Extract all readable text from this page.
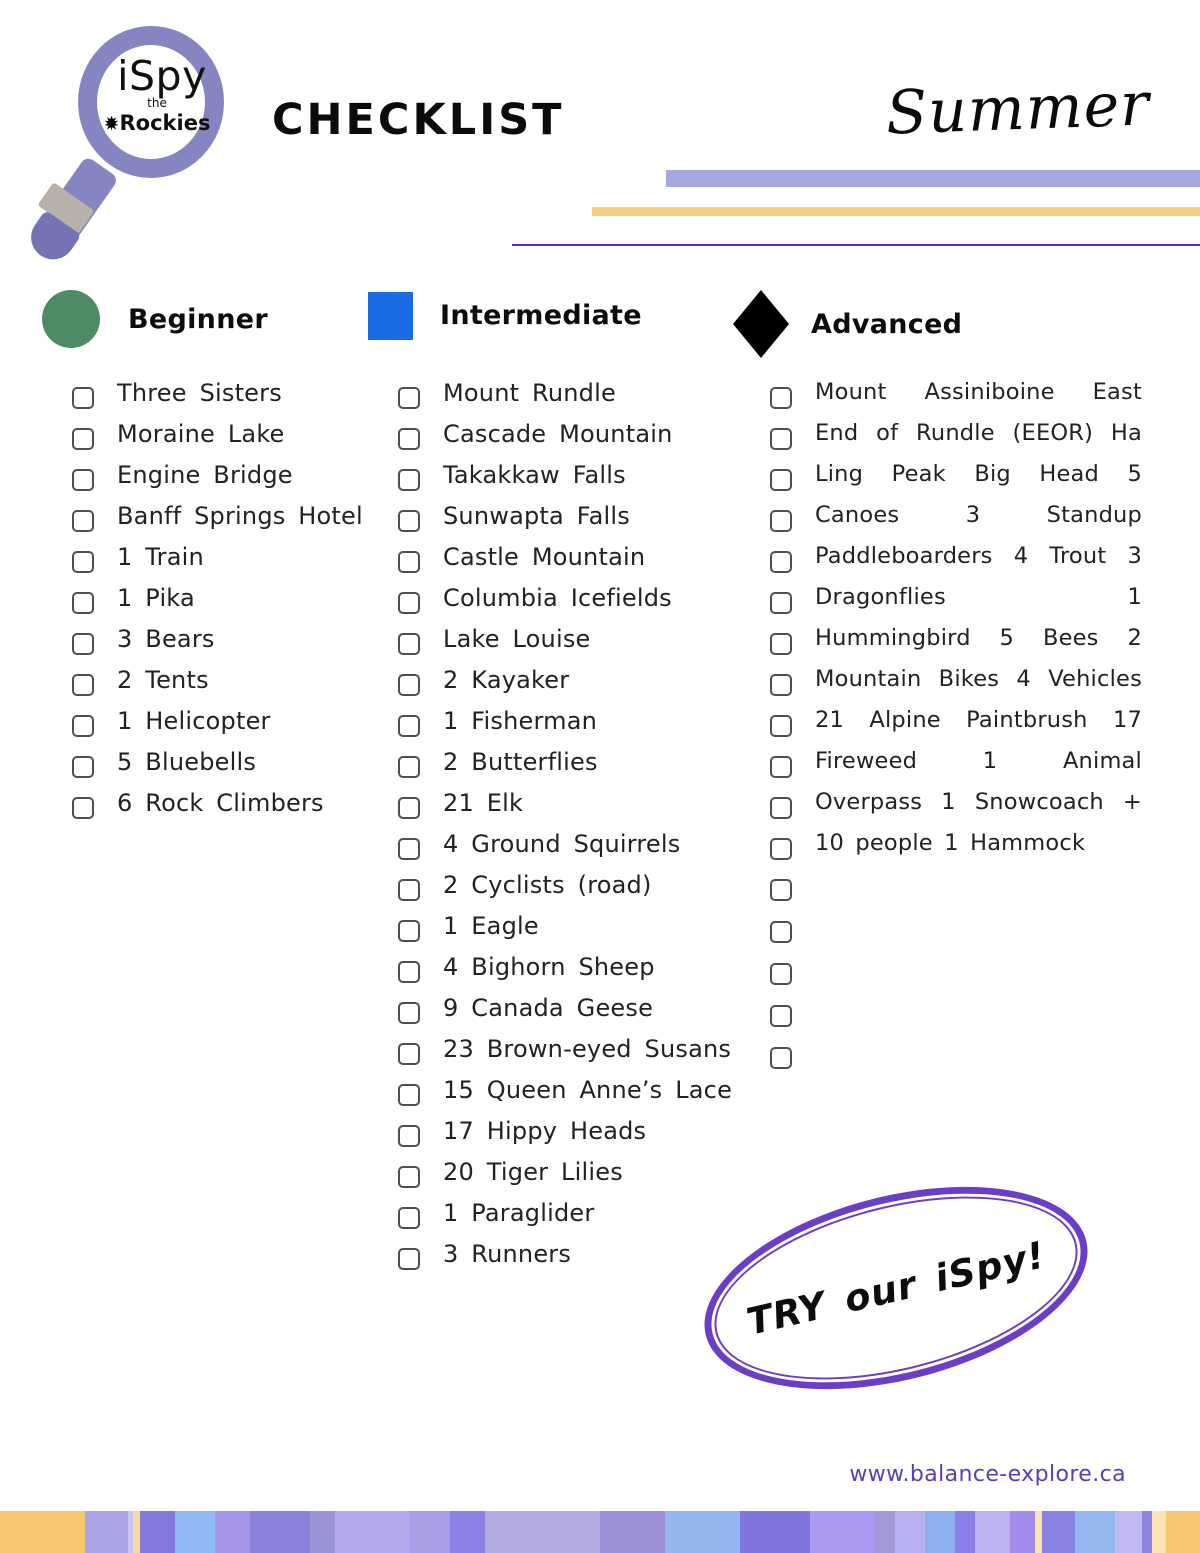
iSpy
the
Rockies CHECKLIST	Summer
Beginner	Intermediate	Advanced
Three Sisters
Moraine Lake
Engine Bridge
Banff Springs Hotel
1 Train
1 Pika
3 Bears
2 Tents
1 Helicopter
5 Bluebells
6 Rock Climbers
Mount Rundle
Cascade Mountain
Takakkaw Falls
Sunwapta Falls
Castle Mountain
Columbia Icefields
Lake Louise
2 Kayaker
1 Fisherman
2 Butterflies
21 Elk
4 Ground Squirrels
2 Cyclists (road)
1 Eagle
4 Bighorn Sheep
9 Canada Geese
23 Brown-eyed Susans
15 Queen Anne’s Lace
17 Hippy Heads
20 Tiger Lilies
1 Paraglider
3 Runners
Mount Assiniboine East
End of Rundle (EEOR) Ha
Ling Peak Big Head 5
Canoes 3 Standup
Paddleboarders 4 Trout 3
Dragonflies 1
Hummingbird 5 Bees 2
Mountain Bikes 4 Vehicles
21 Alpine Paintbrush 17
Fireweed 1 Animal
Overpass 1 Snowcoach +
10 people 1 Hammock
TRY our iSpy!
www.balance-explore.ca
